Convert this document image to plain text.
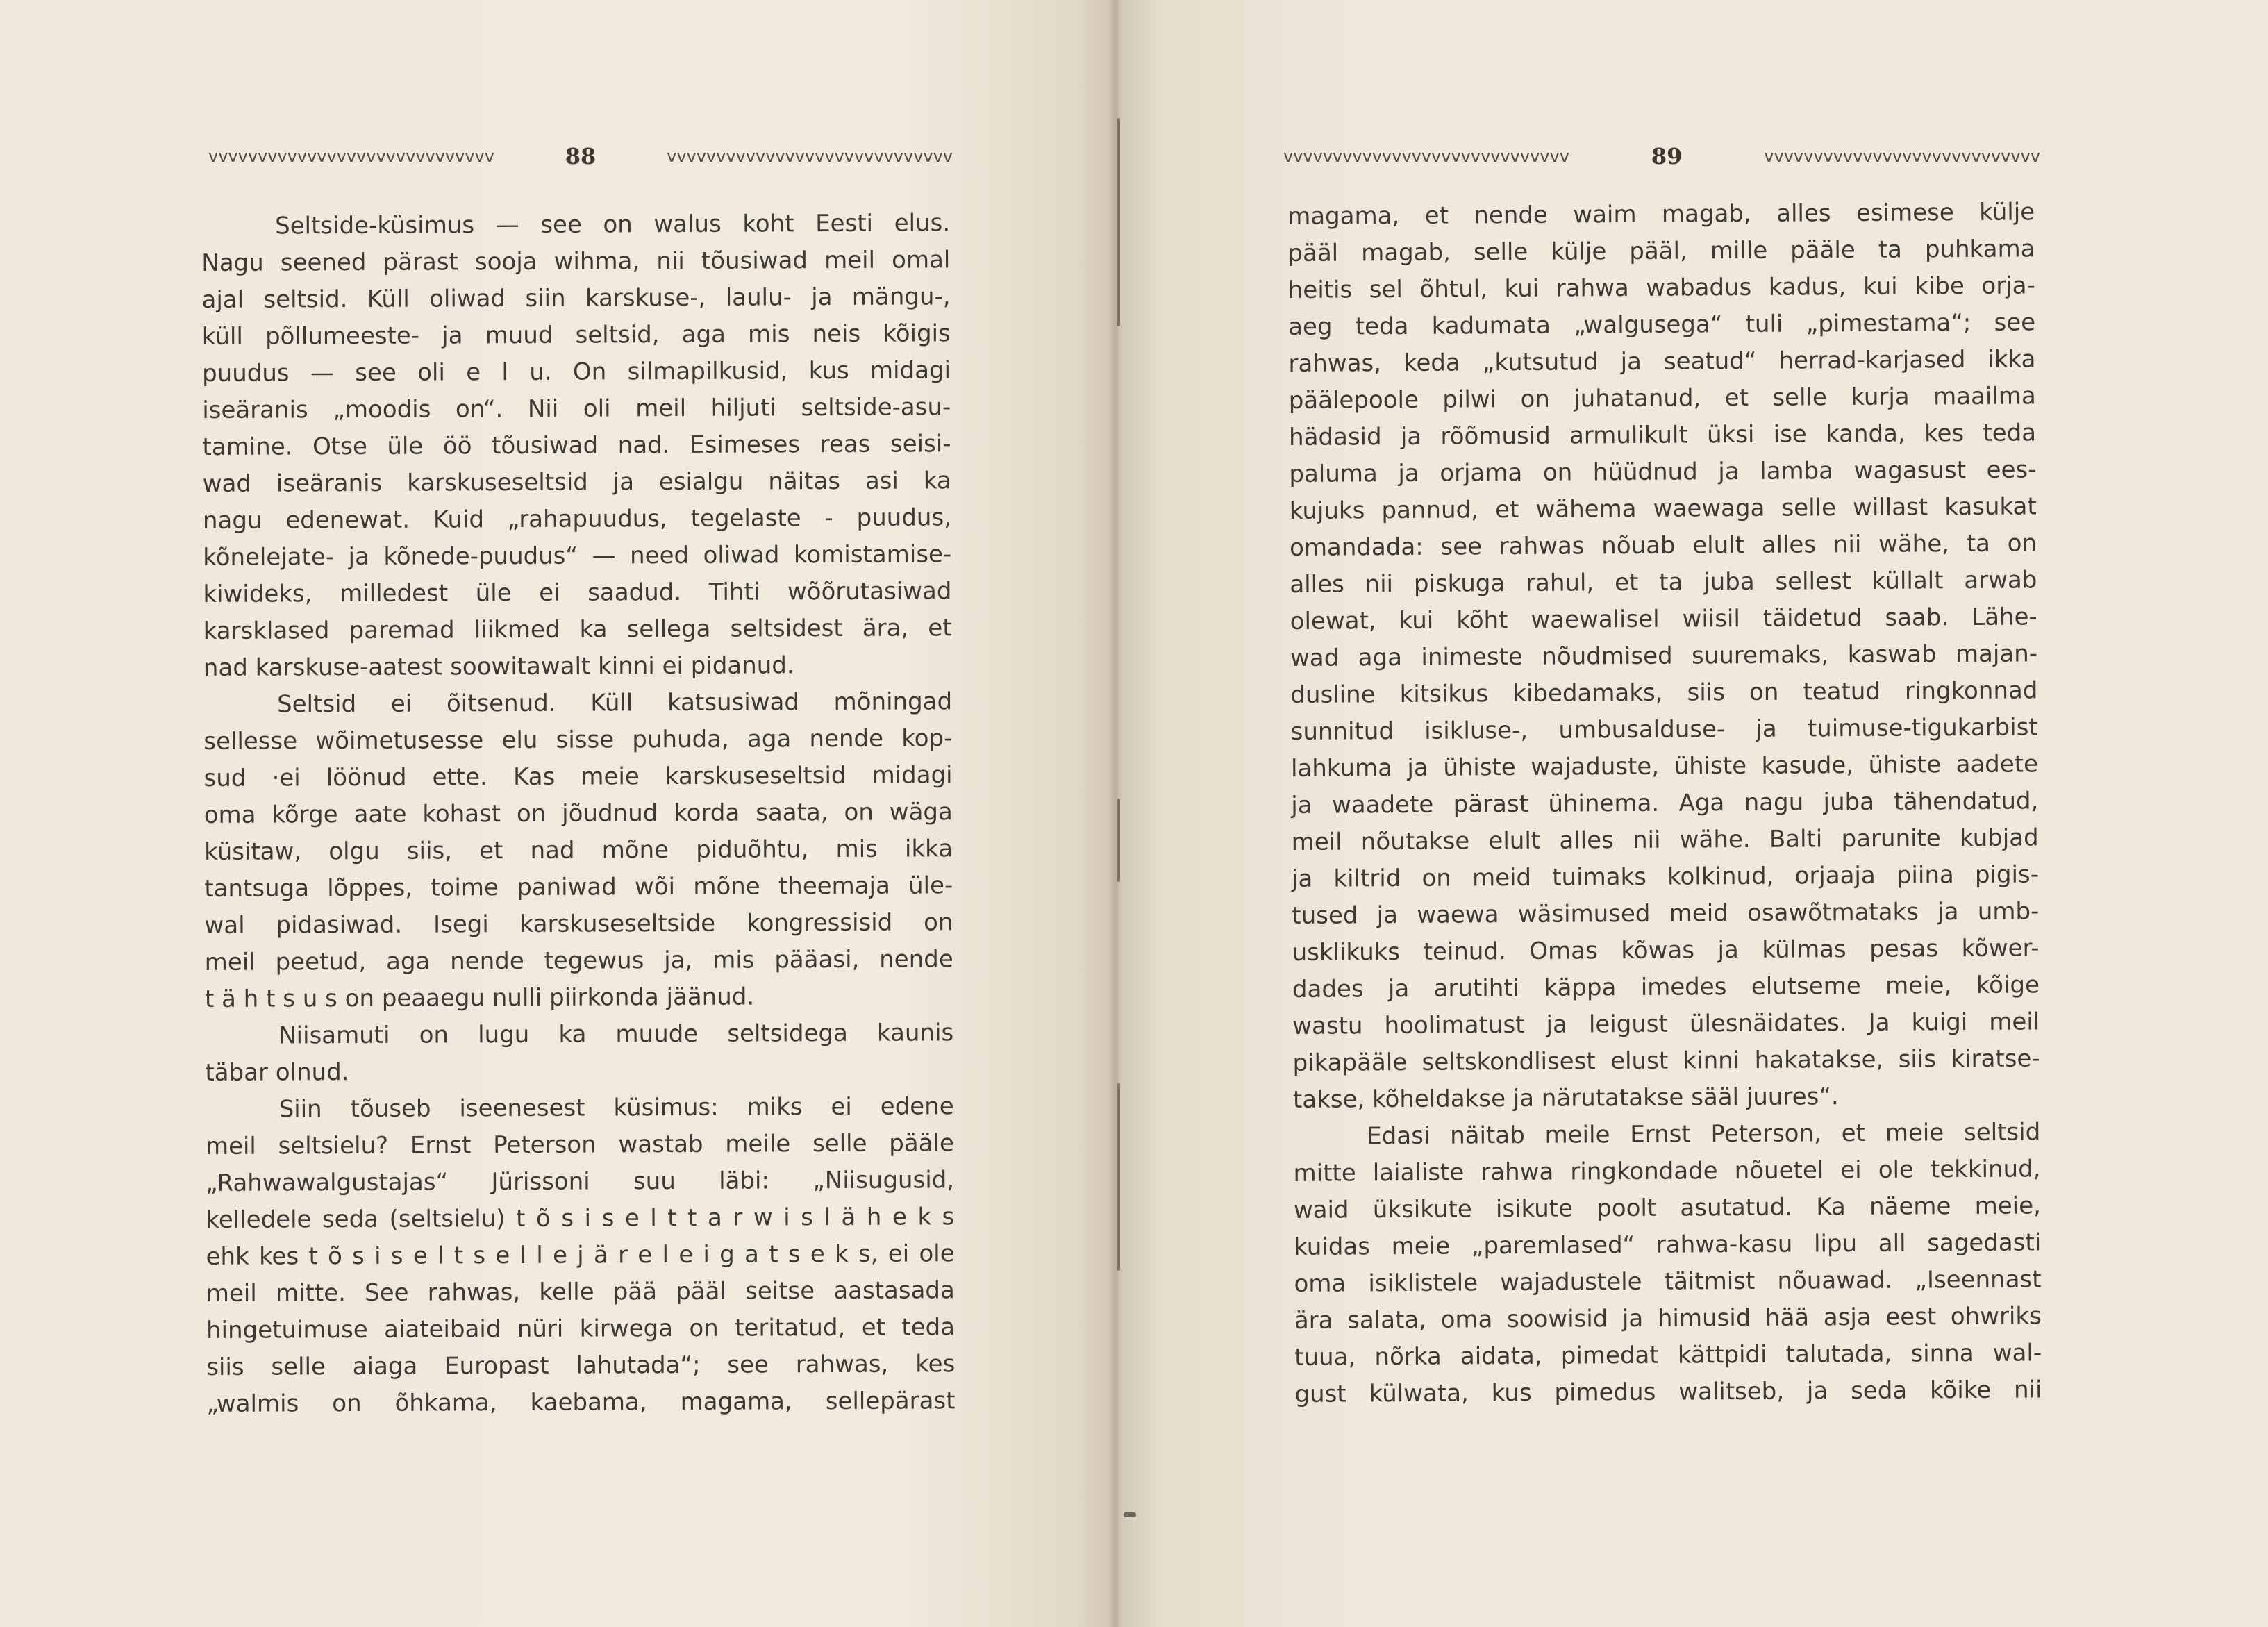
vvvvvvvvvvvvvvvvvvvvvvvvvvvvv	88	vvvvvvvvvvvvvvvvvvvvvvvvvvvvv
Seltside-küsimus — see on walus koht Eesti elus.
Nagu seened pärast sooja wihma, nii tõusiwad meil omal
ajal seltsid. Küll oliwad siin karskuse-, laulu- ja mängu-,
küll põllumeeste- ja muud seltsid, aga mis neis kõigis
puudus — see oli e l u. On silmapilkusid, kus midagi
iseäranis „moodis on“. Nii oli meil hiljuti seltside-asu-
tamine. Otse üle öö tõusiwad nad. Esimeses reas seisi-
wad iseäranis karskuseseltsid ja esialgu näitas asi ka
nagu edenewat. Kuid „rahapuudus, tegelaste - puudus,
kõnelejate- ja kõnede-puudus“ — need oliwad komistamise-
kiwideks, milledest üle ei saadud. Tihti wõõrutasiwad
karsklased paremad liikmed ka sellega seltsidest ära, et
nad karskuse-aatest soowitawalt kinni ei pidanud.
Seltsid ei õitsenud. Küll katsusiwad mõningad
sellesse wõimetusesse elu sisse puhuda, aga nende kop-
sud ·ei löönud ette. Kas meie karskuseseltsid midagi
oma kõrge aate kohast on jõudnud korda saata, on wäga
küsitaw, olgu siis, et nad mõne piduõhtu, mis ikka
tantsuga lõppes, toime paniwad wõi mõne theemaja üle-
wal pidasiwad. Isegi karskuseseltside kongressisid on
meil peetud, aga nende tegewus ja, mis pääasi, nende
t ä h t s u s on peaaegu nulli piirkonda jäänud.
Niisamuti on lugu ka muude seltsidega kaunis
täbar olnud.
Siin tõuseb iseenesest küsimus: miks ei edene
meil seltsielu? Ernst Peterson wastab meile selle pääle
„Rahwawalgustajas“ Jürissoni suu läbi: „Niisugusid,
kelledele seda (seltsielu) t õ s i s e l t t a r w i s l ä h e k s
ehk kes t õ s i s e l t s e l l e j ä r e l e i g a t s e k s, ei ole
meil mitte. See rahwas, kelle pää pääl seitse aastasada
hingetuimuse aiateibaid nüri kirwega on teritatud, et teda
siis selle aiaga Europast lahutada“; see rahwas, kes
„walmis on õhkama, kaebama, magama, sellepärast
vvvvvvvvvvvvvvvvvvvvvvvvvvvvv	89	vvvvvvvvvvvvvvvvvvvvvvvvvvvv
magama, et nende waim magab, alles esimese külje
pääl magab, selle külje pääl, mille pääle ta puhkama
heitis sel õhtul, kui rahwa wabadus kadus, kui kibe orja-
aeg teda kadumata „walgusega“ tuli „pimestama“; see
rahwas, keda „kutsutud ja seatud“ herrad-karjased ikka
päälepoole pilwi on juhatanud, et selle kurja maailma
hädasid ja rõõmusid armulikult üksi ise kanda, kes teda
paluma ja orjama on hüüdnud ja lamba wagasust ees-
kujuks pannud, et wähema waewaga selle willast kasukat
omandada: see rahwas nõuab elult alles nii wähe, ta on
alles nii piskuga rahul, et ta juba sellest küllalt arwab
olewat, kui kõht waewalisel wiisil täidetud saab. Lähe-
wad aga inimeste nõudmised suuremaks, kaswab majan-
dusline kitsikus kibedamaks, siis on teatud ringkonnad
sunnitud isikluse-, umbusalduse- ja tuimuse-tigukarbist
lahkuma ja ühiste wajaduste, ühiste kasude, ühiste aadete
ja waadete pärast ühinema. Aga nagu juba tähendatud,
meil nõutakse elult alles nii wähe. Balti parunite kubjad
ja kiltrid on meid tuimaks kolkinud, orjaaja piina pigis-
tused ja waewa wäsimused meid osawõtmataks ja umb-
usklikuks teinud. Omas kõwas ja külmas pesas kõwer-
dades ja arutihti käppa imedes elutseme meie, kõige
wastu hoolimatust ja leigust ülesnäidates. Ja kuigi meil
pikapääle seltskondlisest elust kinni hakatakse, siis kiratse-
takse, kõheldakse ja närutatakse sääl juures“.
Edasi näitab meile Ernst Peterson, et meie seltsid
mitte laialiste rahwa ringkondade nõuetel ei ole tekkinud,
waid üksikute isikute poolt asutatud. Ka näeme meie,
kuidas meie „paremlased“ rahwa-kasu lipu all sagedasti
oma isiklistele wajadustele täitmist nõuawad. „Iseennast
ära salata, oma soowisid ja himusid hää asja eest ohwriks
tuua, nõrka aidata, pimedat kättpidi talutada, sinna wal-
gust külwata, kus pimedus walitseb, ja seda kõike nii
